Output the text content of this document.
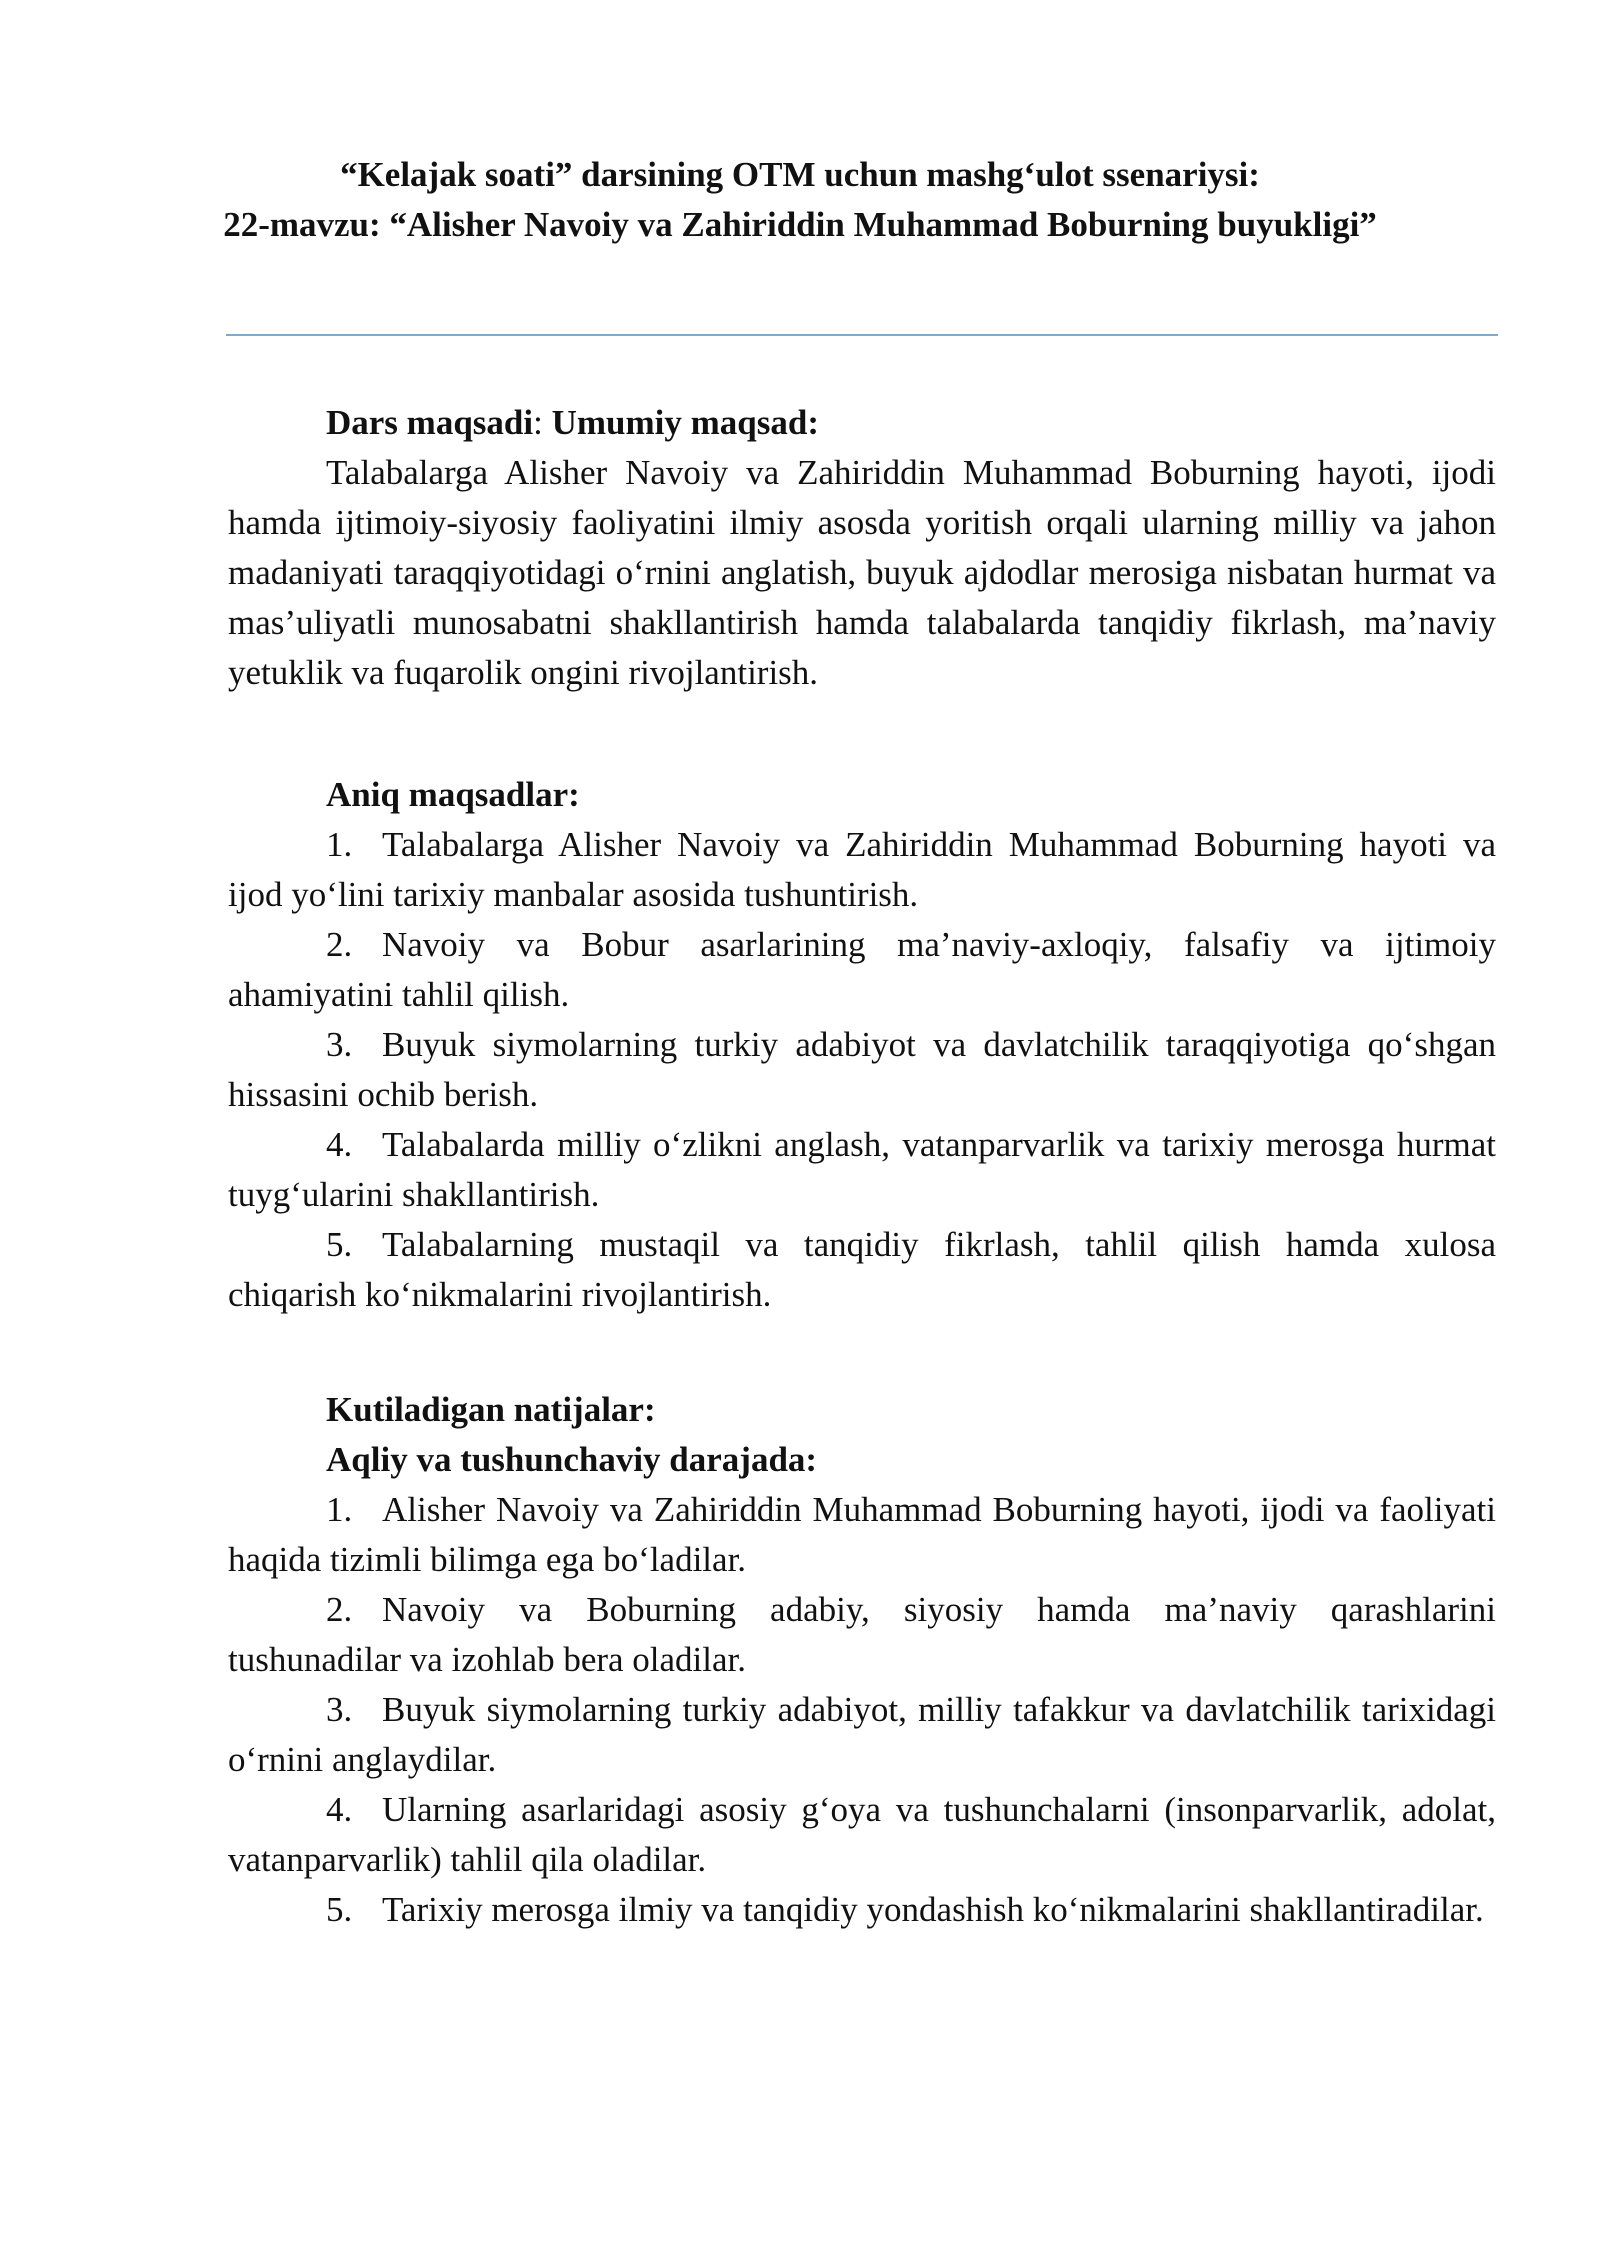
“Kelajak soati” darsining OTM uchun mashg‘ulot ssenariysi:
22-mavzu: “Alisher Navoiy va Zahiriddin Muhammad Boburning buyukligi”

Dars maqsadi: Umumiy maqsad:

Talabalarga Alisher Navoiy va Zahiriddin Muhammad Boburning hayoti, ijodi hamda ijtimoiy-siyosiy faoliyatini ilmiy asosda yoritish orqali ularning milliy va jahon madaniyati taraqqiyotidagi o‘rnini anglatish, buyuk ajdodlar merosiga nisbatan hurmat va mas’uliyatli munosabatni shakllantirish hamda talabalarda tanqidiy fikrlash, ma’naviy yetuklik va fuqarolik ongini rivojlantirish.

Aniq maqsadlar:

1. Talabalarga Alisher Navoiy va Zahiriddin Muhammad Boburning hayoti va ijod yo‘lini tarixiy manbalar asosida tushuntirish.

2. Navoiy va Bobur asarlarining ma’naviy-axloqiy, falsafiy va ijtimoiy ahamiyatini tahlil qilish.

3. Buyuk siymolarning turkiy adabiyot va davlatchilik taraqqiyotiga qo‘shgan hissasini ochib berish.

4. Talabalarda milliy o‘zlikni anglash, vatanparvarlik va tarixiy merosga hurmat tuyg‘ularini shakllantirish.

5. Talabalarning mustaqil va tanqidiy fikrlash, tahlil qilish hamda xulosa chiqarish ko‘nikmalarini rivojlantirish.

Kutiladigan natijalar:

Aqliy va tushunchaviy darajada:

1. Alisher Navoiy va Zahiriddin Muhammad Boburning hayoti, ijodi va faoliyati haqida tizimli bilimga ega bo‘ladilar.

2. Navoiy va Boburning adabiy, siyosiy hamda ma’naviy qarashlarini tushunadilar va izohlab bera oladilar.

3. Buyuk siymolarning turkiy adabiyot, milliy tafakkur va davlatchilik tarixidagi o‘rnini anglaydilar.

4. Ularning asarlaridagi asosiy g‘oya va tushunchalarni (insonparvarlik, adolat, vatanparvarlik) tahlil qila oladilar.

5. Tarixiy merosga ilmiy va tanqidiy yondashish ko‘nikmalarini shakllantiradilar.
